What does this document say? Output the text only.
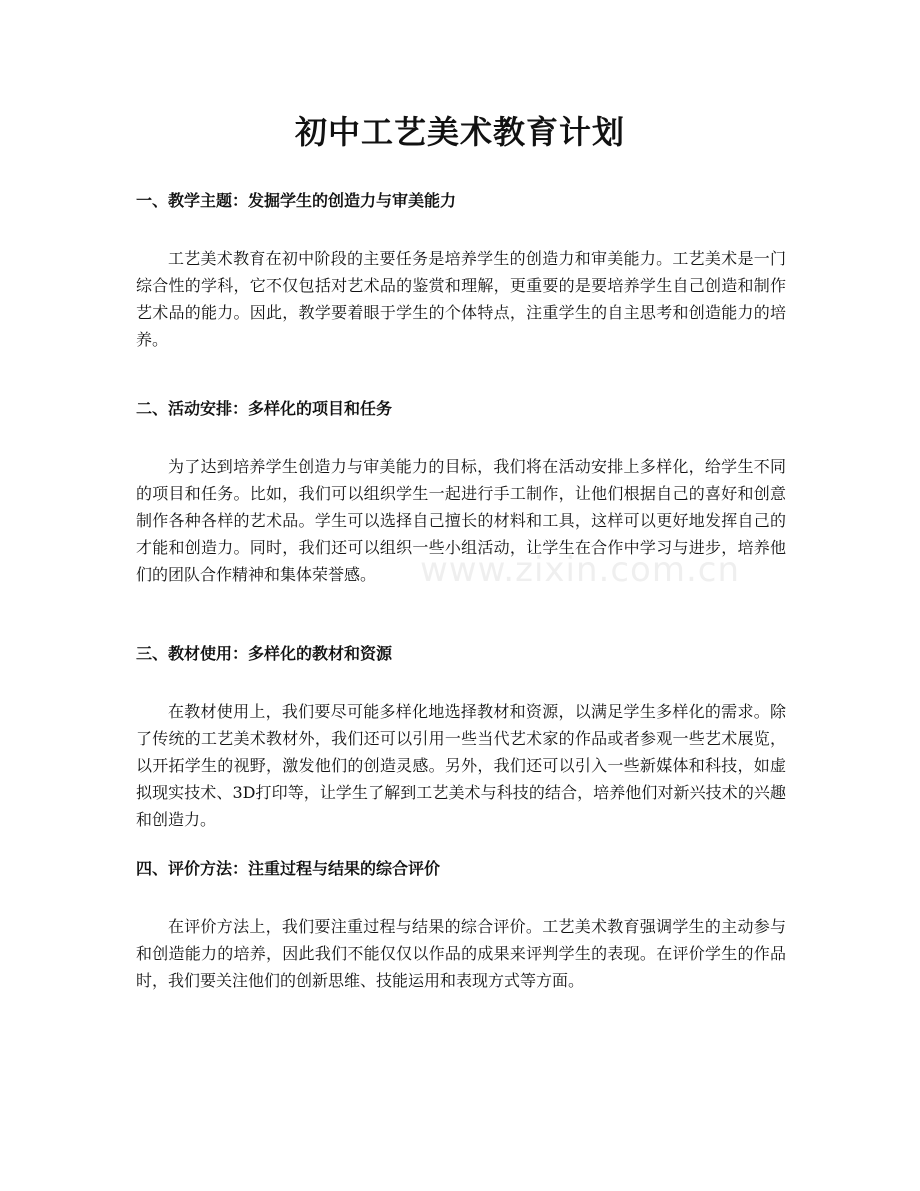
初中工艺美术教育计划
一、教学主题：发掘学生的创造力与审美能力

工艺美术教育在初中阶段的主要任务是培养学生的创造力和审美能力。工艺美术是一门综合性的学科，它不仅包括对艺术品的鉴赏和理解，更重要的是要培养学生自己创造和制作艺术品的能力。因此，教学要着眼于学生的个体特点，注重学生的自主思考和创造能力的培养。

二、活动安排：多样化的项目和任务

为了达到培养学生创造力与审美能力的目标，我们将在活动安排上多样化，给学生不同的项目和任务。比如，我们可以组织学生一起进行手工制作，让他们根据自己的喜好和创意制作各种各样的艺术品。学生可以选择自己擅长的材料和工具，这样可以更好地发挥自己的才能和创造力。同时，我们还可以组织一些小组活动，让学生在合作中学习与进步，培养他们的团队合作精神和集体荣誉感。

三、教材使用：多样化的教材和资源

在教材使用上，我们要尽可能多样化地选择教材和资源，以满足学生多样化的需求。除了传统的工艺美术教材外，我们还可以引用一些当代艺术家的作品或者参观一些艺术展览，以开拓学生的视野，激发他们的创造灵感。另外，我们还可以引入一些新媒体和科技，如虚拟现实技术、3D打印等，让学生了解到工艺美术与科技的结合，培养他们对新兴技术的兴趣和创造力。

四、评价方法：注重过程与结果的综合评价

在评价方法上，我们要注重过程与结果的综合评价。工艺美术教育强调学生的主动参与和创造能力的培养，因此我们不能仅仅以作品的成果来评判学生的表现。在评价学生的作品时，我们要关注他们的创新思维、技能运用和表现方式等方面。

www.zixin.com.cn
